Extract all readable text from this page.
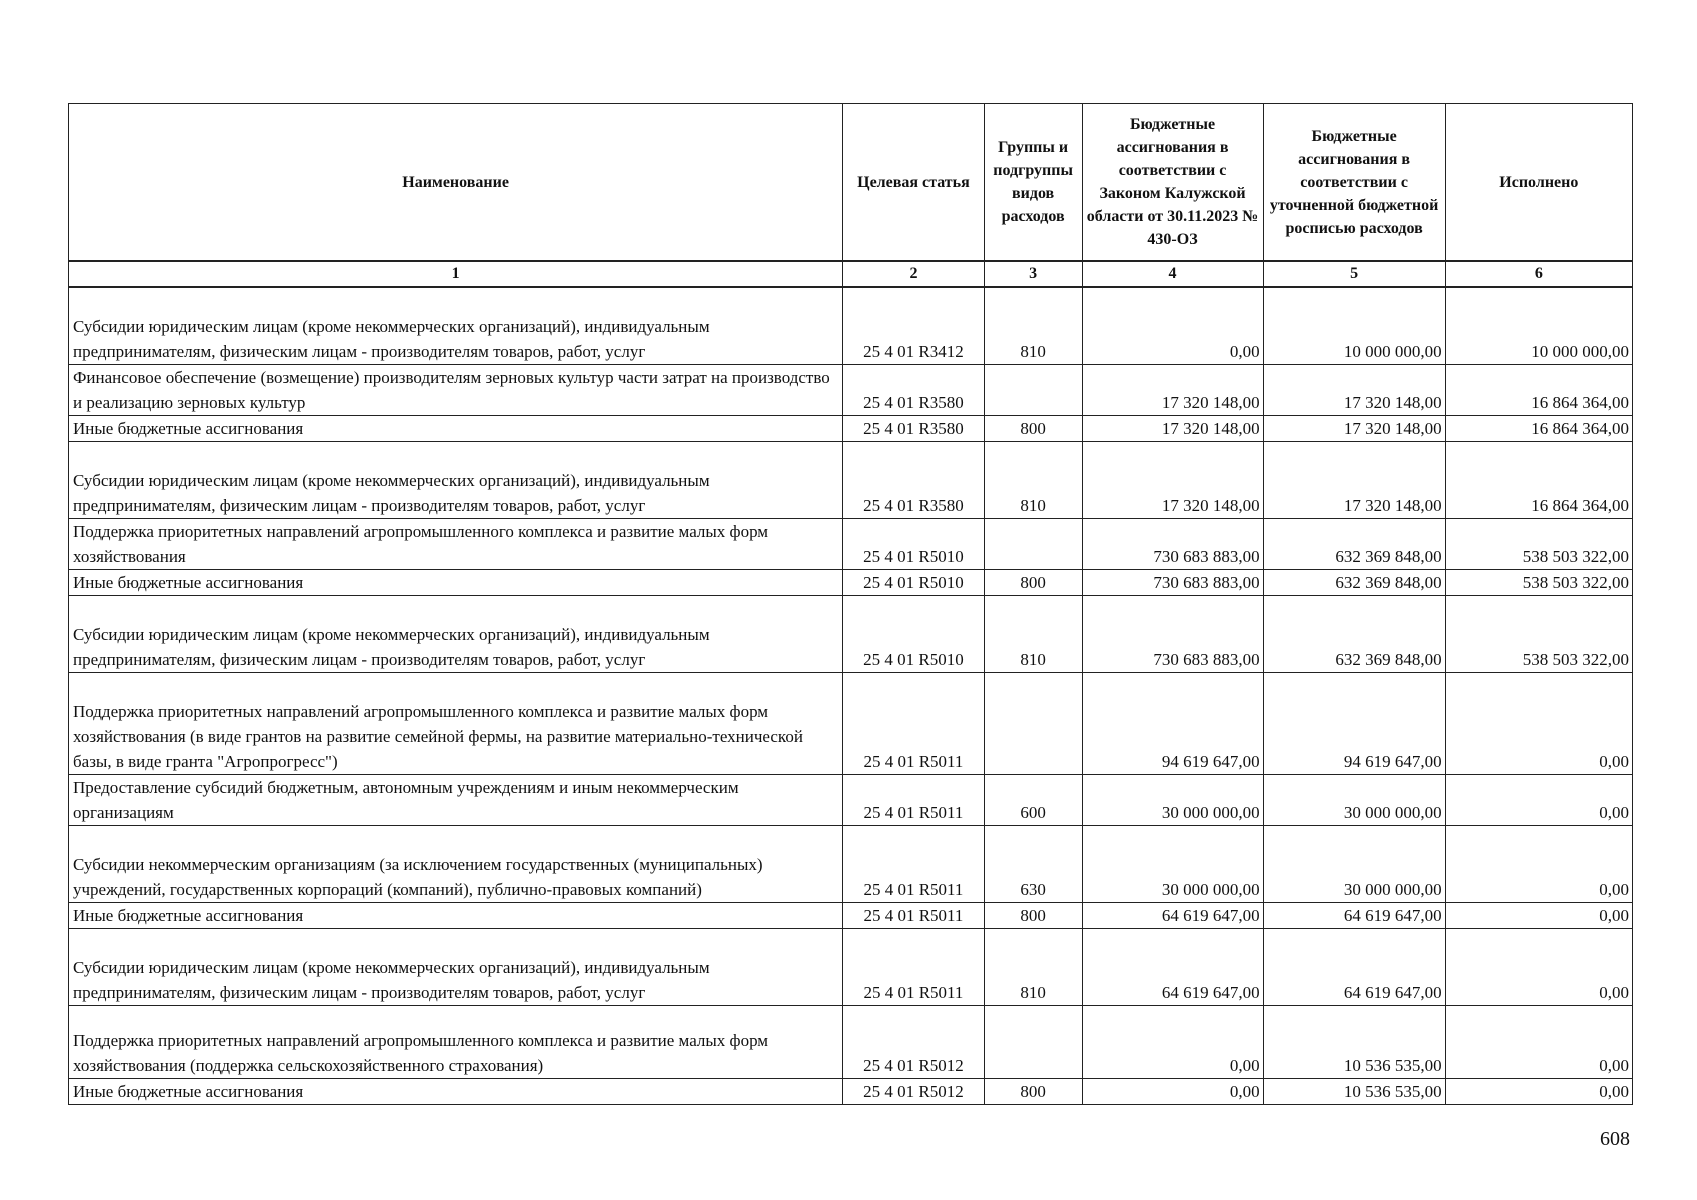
Наименование	Целевая статья	Группы и подгруппы видов расходов	Бюджетные ассигнования в соответствии с Законом Калужской области от 30.11.2023 № 430-ОЗ	Бюджетные ассигнования в соответствии с уточненной бюджетной росписью расходов	Исполнено
1	2	3	4	5	6
Субсидии юридическим лицам (кроме некоммерческих организаций), индивидуальным предпринимателям, физическим лицам - производителям товаров, работ, услуг	25 4 01 R3412	810	0,00	10 000 000,00	10 000 000,00
Финансовое обеспечение (возмещение) производителям зерновых культур части затрат на производство и реализацию зерновых культур	25 4 01 R3580		17 320 148,00	17 320 148,00	16 864 364,00
Иные бюджетные ассигнования	25 4 01 R3580	800	17 320 148,00	17 320 148,00	16 864 364,00
Субсидии юридическим лицам (кроме некоммерческих организаций), индивидуальным предпринимателям, физическим лицам - производителям товаров, работ, услуг	25 4 01 R3580	810	17 320 148,00	17 320 148,00	16 864 364,00
Поддержка приоритетных направлений агропромышленного комплекса и развитие малых форм хозяйствования	25 4 01 R5010		730 683 883,00	632 369 848,00	538 503 322,00
Иные бюджетные ассигнования	25 4 01 R5010	800	730 683 883,00	632 369 848,00	538 503 322,00
Субсидии юридическим лицам (кроме некоммерческих организаций), индивидуальным предпринимателям, физическим лицам - производителям товаров, работ, услуг	25 4 01 R5010	810	730 683 883,00	632 369 848,00	538 503 322,00
Поддержка приоритетных направлений агропромышленного комплекса и развитие малых форм хозяйствования (в виде грантов на развитие семейной фермы, на развитие материально-технической базы, в виде гранта "Агропрогресс")	25 4 01 R5011		94 619 647,00	94 619 647,00	0,00
Предоставление субсидий бюджетным, автономным учреждениям и иным некоммерческим организациям	25 4 01 R5011	600	30 000 000,00	30 000 000,00	0,00
Субсидии некоммерческим организациям (за исключением государственных (муниципальных) учреждений, государственных корпораций (компаний), публично-правовых компаний)	25 4 01 R5011	630	30 000 000,00	30 000 000,00	0,00
Иные бюджетные ассигнования	25 4 01 R5011	800	64 619 647,00	64 619 647,00	0,00
Субсидии юридическим лицам (кроме некоммерческих организаций), индивидуальным предпринимателям, физическим лицам - производителям товаров, работ, услуг	25 4 01 R5011	810	64 619 647,00	64 619 647,00	0,00
Поддержка приоритетных направлений агропромышленного комплекса и развитие малых форм хозяйствования (поддержка сельскохозяйственного страхования)	25 4 01 R5012		0,00	10 536 535,00	0,00
Иные бюджетные ассигнования	25 4 01 R5012	800	0,00	10 536 535,00	0,00
608
